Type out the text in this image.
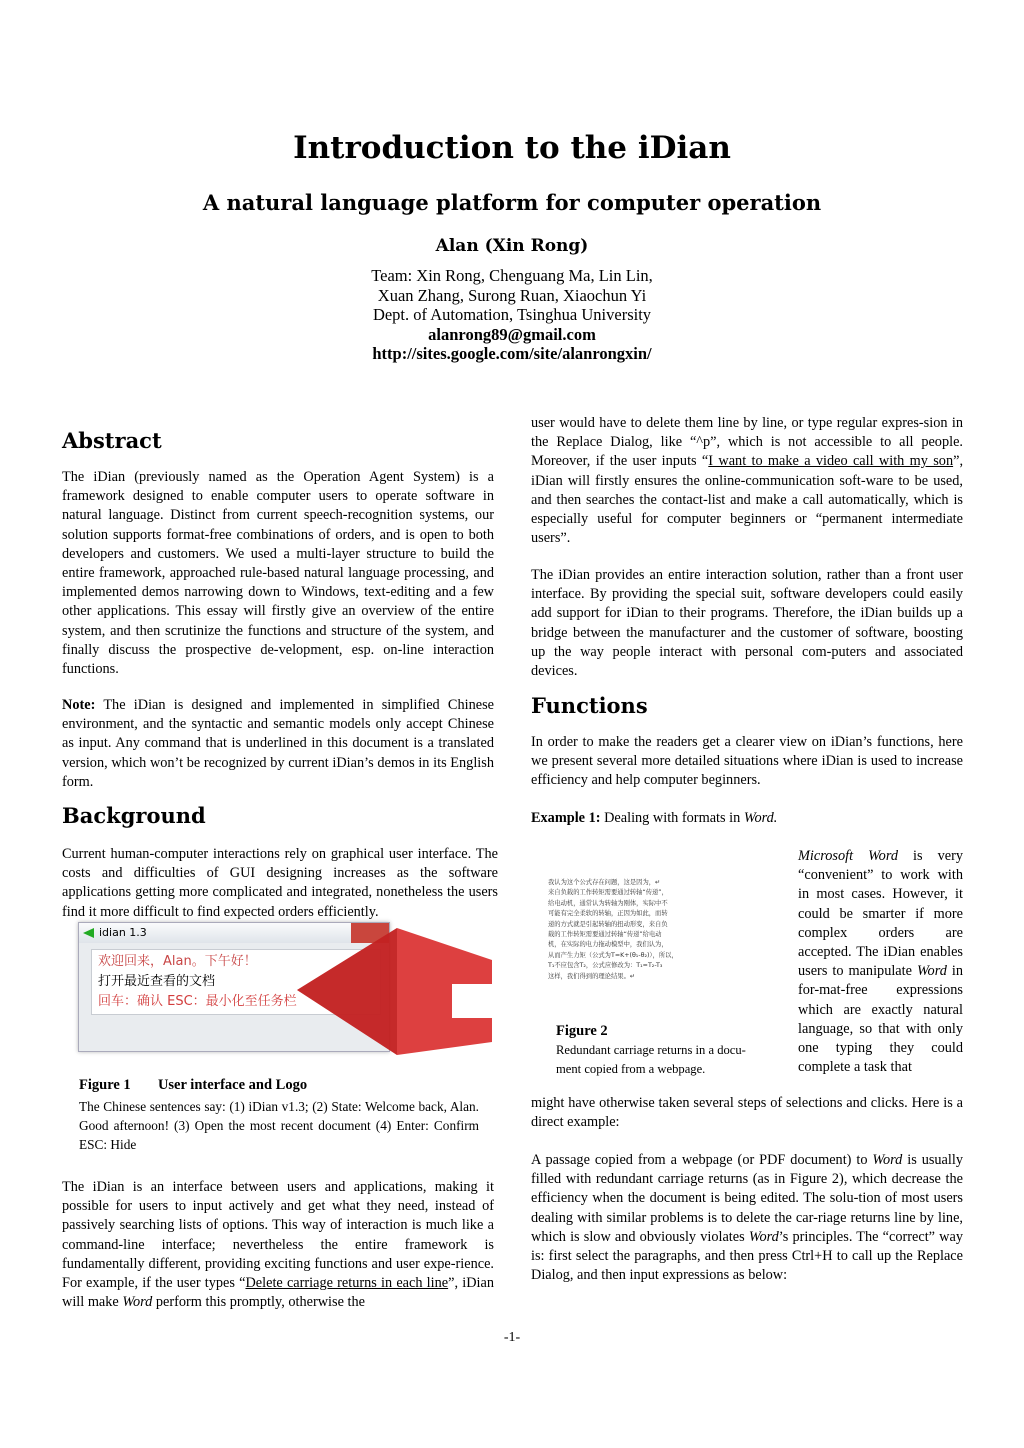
Introduction to the iDian
A natural language platform for computer operation
Alan (Xin Rong)
Team: Xin Rong, Chenguang Ma, Lin Lin,
Xuan Zhang, Surong Ruan, Xiaochun Yi
Dept. of Automation, Tsinghua University
alanrong89@gmail.com
http://sites.google.com/site/alanrongxin/
Abstract
The iDian (previously named as the Operation Agent System) is a framework designed to enable computer users to operate software in natural language. Distinct from current speech-recognition systems, our solution supports format-free combinations of orders, and is open to both developers and customers. We used a multi-layer structure to build the entire framework, approached rule-based natural language processing, and implemented demos narrowing down to Windows, text-editing and a few other applications. This essay will firstly give an overview of the entire system, and then scrutinize the functions and structure of the system, and finally discuss the prospective de-velopment, esp. on-line interaction functions.
Note: The iDian is designed and implemented in simplified Chinese environment, and the syntactic and semantic models only accept Chinese as input. Any command that is underlined in this document is a translated version, which won’t be recognized by current iDian’s demos in its English form.
Background
Current human-computer interactions rely on graphical user interface. The costs and difficulties of GUI designing increases as the software applications getting more complicated and integrated, nonetheless the users find it more difficult to find expected orders efficiently.
idian 1.3
欢迎回来，Alan。下午好！
打开最近查看的文档
回车：确认 ESC：最小化至任务栏
Figure 1 User interface and Logo
The Chinese sentences say: (1) iDian v1.3; (2) State: Welcome back, Alan. Good afternoon! (3) Open the most recent document (4) Enter: Confirm ESC: Hide
The iDian is an interface between users and applications, making it possible for users to input actively and get what they need, instead of passively searching lists of options. This way of interaction is much like a command-line interface; nevertheless the entire framework is fundamentally different, providing exciting functions and user expe-rience. For example, if the user types “Delete carriage returns in each line”, iDian will make Word perform this promptly, otherwise the
user would have to delete them line by line, or type regular expres-sion in the Replace Dialog, like “^p”, which is not accessible to all people. Moreover, if the user inputs “I want to make a video call with my son”, iDian will firstly ensures the online-communication soft-ware to be used, and then searches the contact-list and make a call automatically, which is especially useful for computer beginners or “permanent intermediate users”.
The iDian provides an entire interaction solution, rather than a front user interface. By providing the special suit, software developers could easily add support for iDian to their programs. Therefore, the iDian builds up a bridge between the manufacturer and the customer of software, boosting up the way people interact with personal com-puters and associated devices.
Functions
In order to make the readers get a clearer view on iDian’s functions, here we present several more detailed situations where iDian is used to increase efficiency and help computer beginners.
Example 1: Dealing with formats in Word.
我认为这个公式存在问题，这是因为，↵
来自负载的工作转矩需要通过转轴“传递”，
给电动机，通常认为转轴为刚体，实际中不
可能有完全柔软的转轴，正因为如此，而转
递的方式就是引起转轴的扭动形变，来自负
载的工作转矩需要通过转轴“传递”给电动
机，在实际的电力拖动模型中，我们认为，
从而产生力矩（公式为T=K+(θ₁-θ₂)），所以，
T₁不应包含T₂，公式应修改为：T₁=T₂-T₃
这样，我们得到的理论结果。↵
Figure 2
Redundant carriage returns in a docu-ment copied from a webpage.
Microsoft Word is very “convenient” to work with in most cases. However, it could be smarter if more complex orders are accepted. The iDian enables users to manipulate Word in for-mat-free expressions which are exactly natural language, so that with only one typing they could complete a task that
might have otherwise taken several steps of selections and clicks. Here is a direct example:
A passage copied from a webpage (or PDF document) to Word is usually filled with redundant carriage returns (as in Figure 2), which decrease the efficiency when the document is being edited. The solu-tion of most users dealing with similar problems is to delete the car-riage returns line by line, which is slow and obviously violates Word’s principles. The “correct” way is: first select the paragraphs, and then press Ctrl+H to call up the Replace Dialog, and then input expressions as below:
-1-
